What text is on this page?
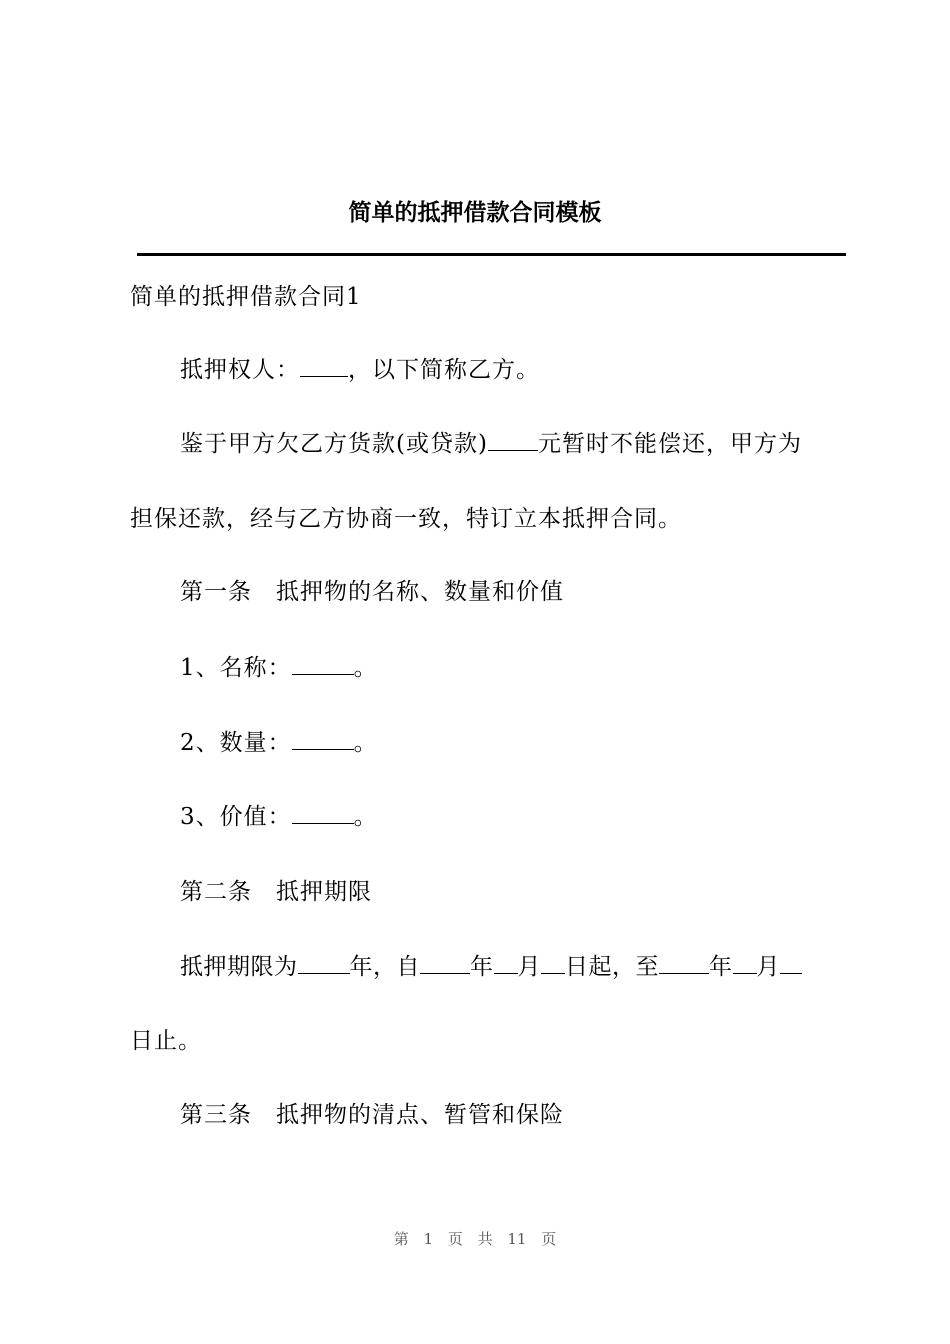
简单的抵押借款合同模板
简单的抵押借款合同1
抵押权人： ，以下简称乙方。
鉴于甲方欠乙方货款(或贷款) 元暂时不能偿还，甲方为
担保还款，经与乙方协商一致，特订立本抵押合同。
第一条　抵押物的名称、数量和价值
1、名称：	。
2、数量：	。
3、价值：	。
第二条　抵押期限
抵押期限为 年，自 年 月 日起，至 年 月
日止。
第三条　抵押物的清点、暂管和保险
第 1 页 共 11 页
